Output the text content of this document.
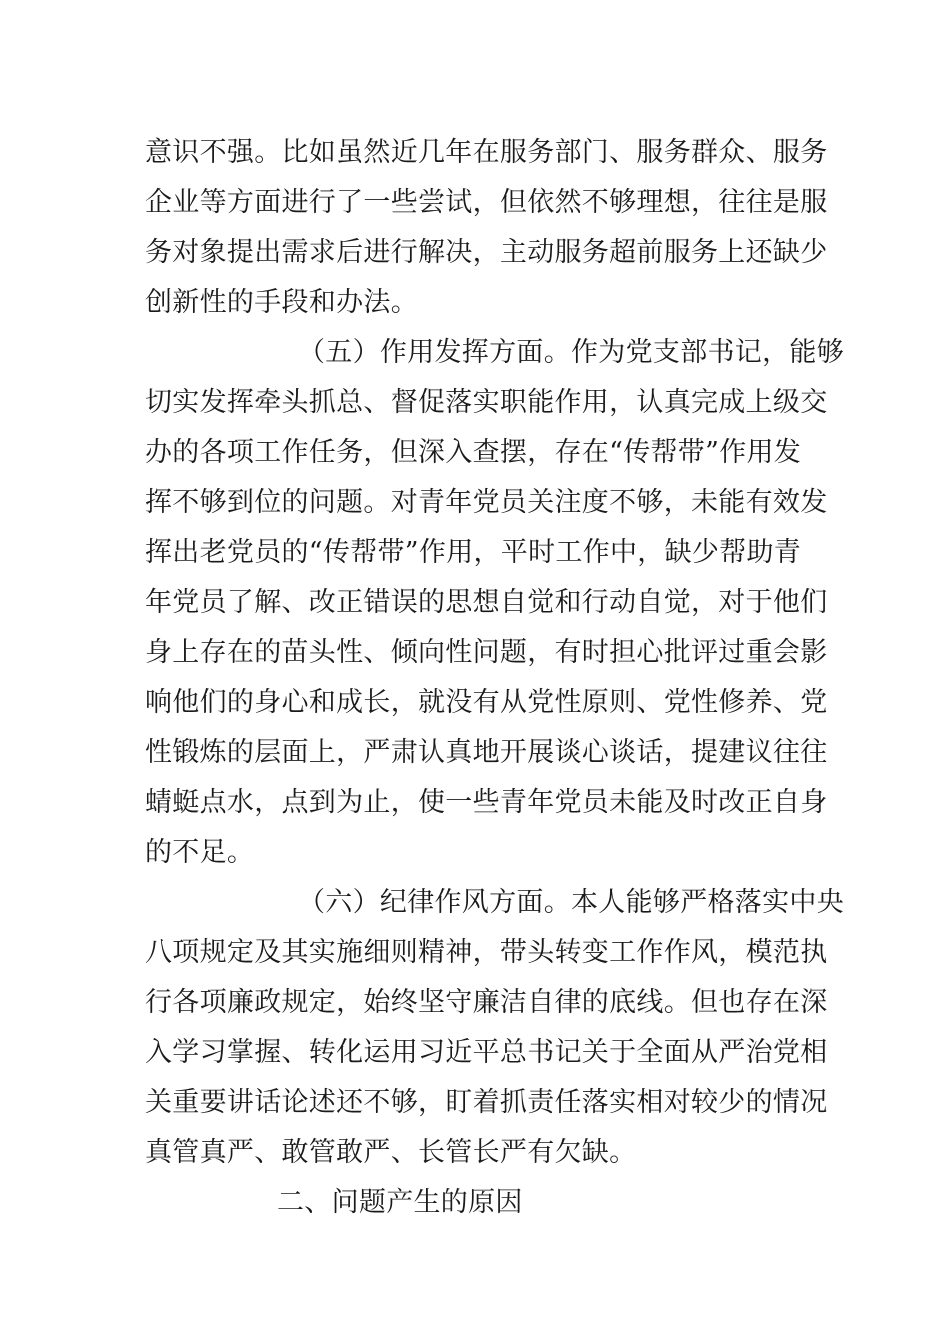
意识不强。比如虽然近几年在服务部门、服务群众、服务
企业等方面进行了一些尝试，但依然不够理想，往往是服
务对象提出需求后进行解决，主动服务超前服务上还缺少
创新性的手段和办法。
（五）作用发挥方面。作为党支部书记，能够
切实发挥牵头抓总、督促落实职能作用，认真完成上级交
办的各项工作任务，但深入查摆，存在“传帮带”作用发
挥不够到位的问题。对青年党员关注度不够，未能有效发
挥出老党员的“传帮带”作用，平时工作中，缺少帮助青
年党员了解、改正错误的思想自觉和行动自觉，对于他们
身上存在的苗头性、倾向性问题，有时担心批评过重会影
响他们的身心和成长，就没有从党性原则、党性修养、党
性锻炼的层面上，严肃认真地开展谈心谈话，提建议往往
蜻蜓点水，点到为止，使一些青年党员未能及时改正自身
的不足。
（六）纪律作风方面。本人能够严格落实中央
八项规定及其实施细则精神，带头转变工作作风，模范执
行各项廉政规定，始终坚守廉洁自律的底线。但也存在深
入学习掌握、转化运用习近平总书记关于全面从严治党相
关重要讲话论述还不够，盯着抓责任落实相对较少的情况
真管真严、敢管敢严、长管长严有欠缺。
二、问题产生的原因
